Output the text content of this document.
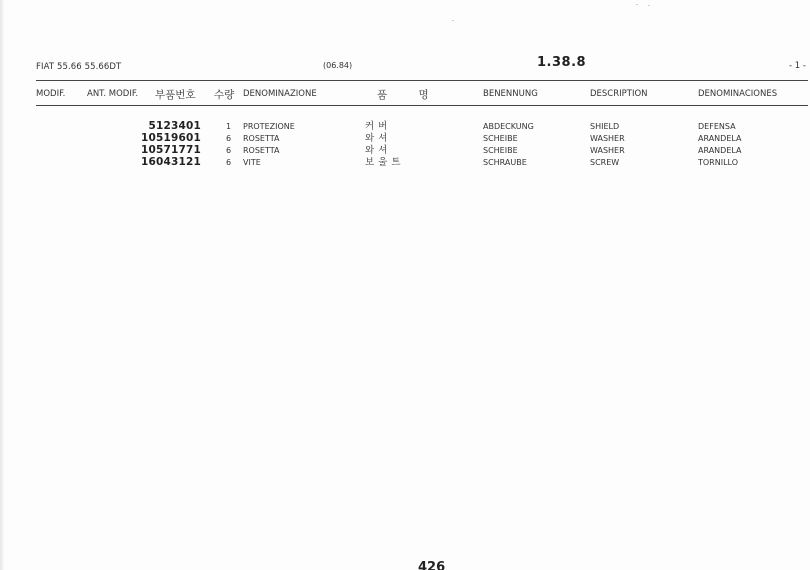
FIAT 55.66 55.66DT	(06.84)	1.38.8	- 1 -
MODIF.	ANT. MODIF. 부품번호 수량 DENOMINAZIONE	품 명	BENENNUNG	DESCRIPTION	DENOMINACIONES
5123401	1 PROTEZIONE	커버	ABDECKUNG	SHIELD	DEFENSA
10519601	6 ROSETTA	와셔	SCHEIBE	WASHER	ARANDELA
10571771	6 ROSETTA	와셔	SCHEIBE	WASHER	ARANDELA
16043121	6 VITE	보울트	SCHRAUBE	SCREW	TORNILLO
426
